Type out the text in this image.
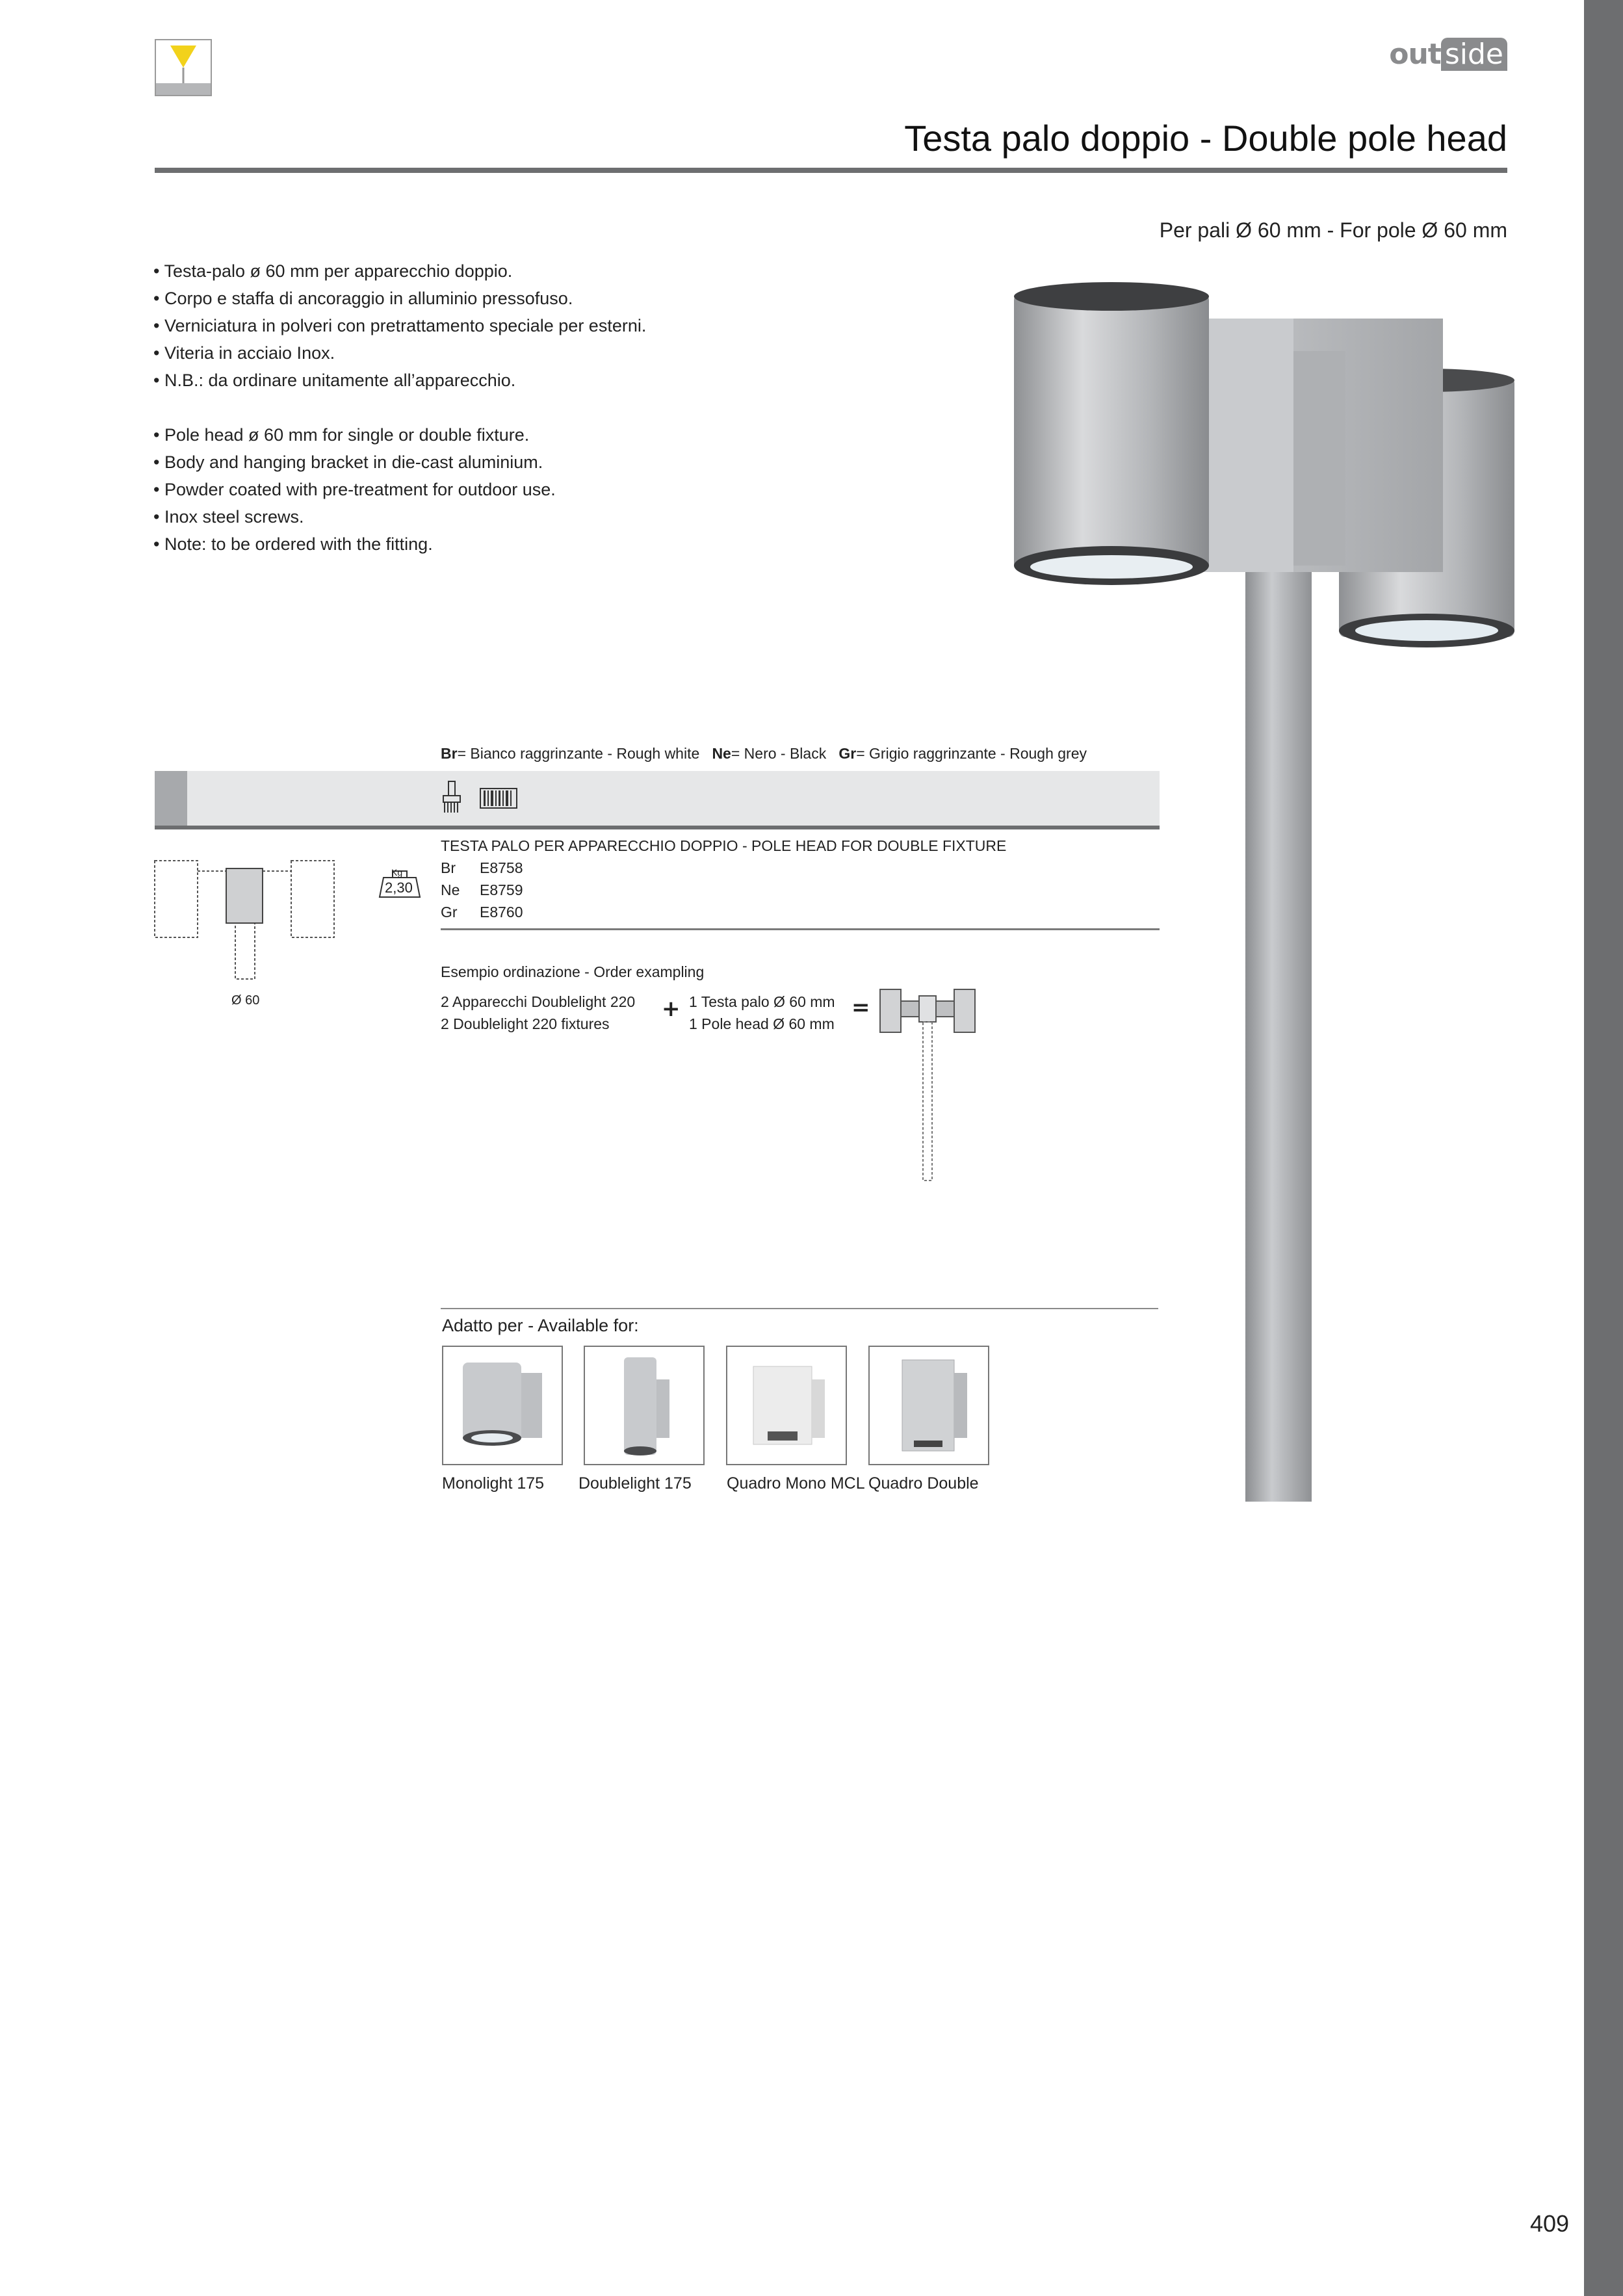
out side
Testa palo doppio - Double pole head
Per pali Ø 60 mm - For pole Ø 60 mm
• Testa-palo ø 60 mm per apparecchio doppio.
• Corpo e staffa di ancoraggio in alluminio pressofuso.
• Verniciatura in polveri con pretrattamento speciale per esterni.
• Viteria in acciaio Inox.
• N.B.: da ordinare unitamente all’apparecchio.
• Pole head ø 60 mm for single or double fixture.
• Body and hanging bracket in die-cast aluminium.
• Powder coated with pre-treatment for outdoor use.
• Inox steel screws.
• Note: to be ordered with the fitting.
Br= Bianco raggrinzante - Rough white Ne= Nero - Black Gr= Grigio raggrinzante - Rough grey
Ø 60
Kg
2,30
TESTA PALO PER APPARECCHIO DOPPIO - POLE HEAD FOR DOUBLE FIXTURE
Br E8758
Ne E8759
Gr E8760
Esempio ordinazione - Order exampling
2 Apparecchi Doublelight 220
2 Doublelight 220 fixtures
+ 1 Testa palo Ø 60 mm
1 Pole head Ø 60 mm
=
Adatto per - Available for:
Monolight 175 Doublelight 175 Quadro Mono MCL Quadro Double
409
